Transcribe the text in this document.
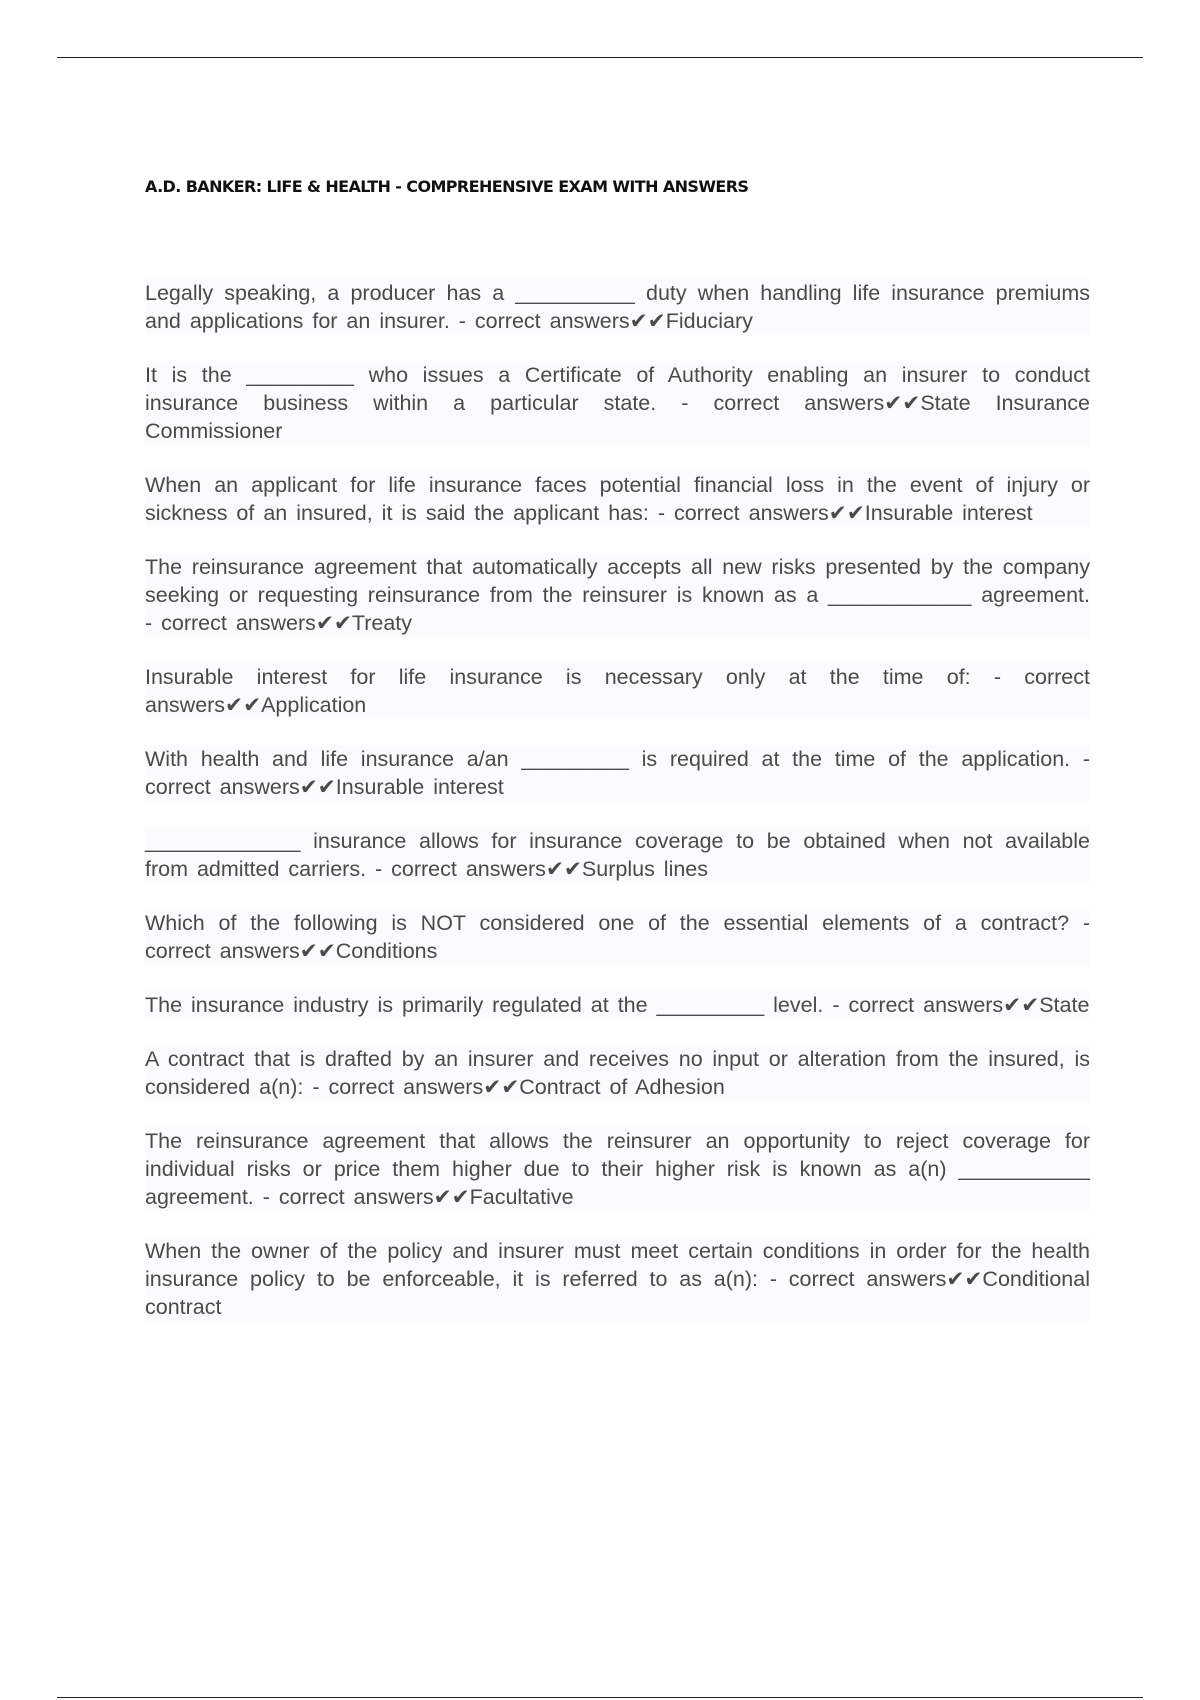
A.D. BANKER: LIFE & HEALTH - COMPREHENSIVE EXAM WITH ANSWERS

Legally speaking, a producer has a __________ duty when handling life insurance premiums and applications for an insurer. - correct answers✔✔Fiduciary

It is the _________ who issues a Certificate of Authority enabling an insurer to conduct insurance business within a particular state. - correct answers✔✔State Insurance Commissioner

When an applicant for life insurance faces potential financial loss in the event of injury or sickness of an insured, it is said the applicant has: - correct answers✔✔Insurable interest

The reinsurance agreement that automatically accepts all new risks presented by the company seeking or requesting reinsurance from the reinsurer is known as a ____________ agreement. - correct answers✔✔Treaty

Insurable interest for life insurance is necessary only at the time of: - correct answers✔✔Application

With health and life insurance a/an _________ is required at the time of the application. - correct answers✔✔Insurable interest

_____________ insurance allows for insurance coverage to be obtained when not available from admitted carriers. - correct answers✔✔Surplus lines

Which of the following is NOT considered one of the essential elements of a contract? - correct answers✔✔Conditions

The insurance industry is primarily regulated at the _________ level. - correct answers✔✔State

A contract that is drafted by an insurer and receives no input or alteration from the insured, is considered a(n): - correct answers✔✔Contract of Adhesion

The reinsurance agreement that allows the reinsurer an opportunity to reject coverage for individual risks or price them higher due to their higher risk is known as a(n) ___________ agreement. - correct answers✔✔Facultative

When the owner of the policy and insurer must meet certain conditions in order for the health insurance policy to be enforceable, it is referred to as a(n): - correct answers✔✔Conditional contract
